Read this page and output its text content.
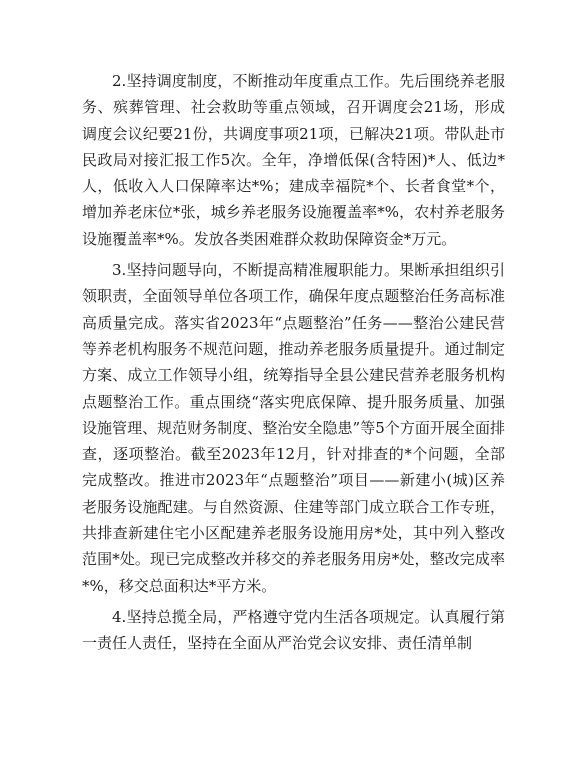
2.坚持调度制度，不断推动年度重点工作。先后围绕养老服务、殡葬管理、社会救助等重点领域，召开调度会21场，形成调度会议纪要21份，共调度事项21项，已解决21项。带队赴市民政局对接汇报工作5次。全年，净增低保(含特困)*人、低边*人，低收入人口保障率达*%；建成幸福院*个、长者食堂*个，增加养老床位*张，城乡养老服务设施覆盖率*%，农村养老服务设施覆盖率*%。发放各类困难群众救助保障资金*万元。

3.坚持问题导向，不断提高精准履职能力。果断承担组织引领职责，全面领导单位各项工作，确保年度点题整治任务高标准高质量完成。落实省2023年“点题整治”任务——整治公建民营等养老机构服务不规范问题，推动养老服务质量提升。通过制定方案、成立工作领导小组，统筹指导全县公建民营养老服务机构点题整治工作。重点围绕“落实兜底保障、提升服务质量、加强设施管理、规范财务制度、整治安全隐患”等5个方面开展全面排查，逐项整治。截至2023年12月，针对排查的*个问题，全部完成整改。推进市2023年“点题整治”项目——新建小(城)区养老服务设施配建。与自然资源、住建等部门成立联合工作专班，共排查新建住宅小区配建养老服务设施用房*处，其中列入整改范围*处。现已完成整改并移交的养老服务用房*处，整改完成率*%，移交总面积达*平方米。

4.坚持总揽全局，严格遵守党内生活各项规定。认真履行第一责任人责任，坚持在全面从严治党会议安排、责任清单制
